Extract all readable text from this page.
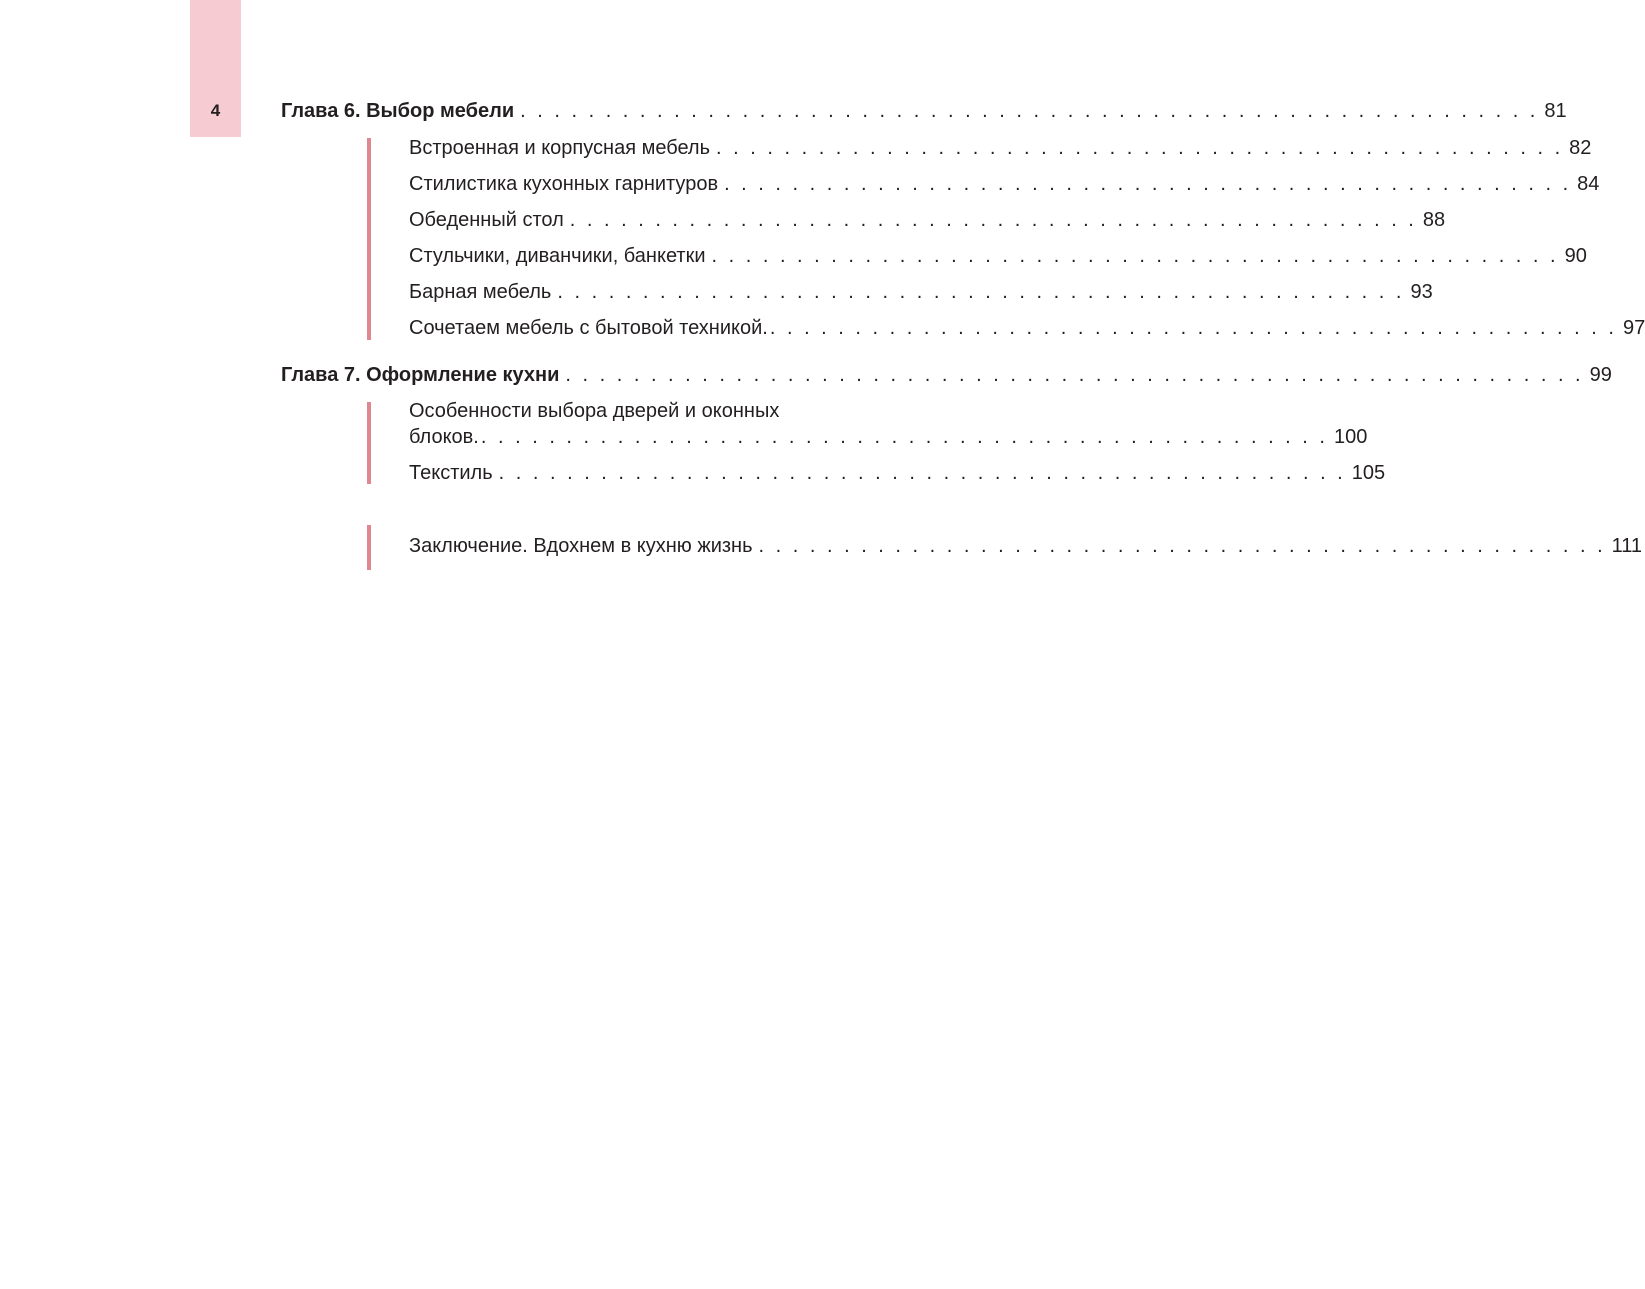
4	Глава 6. Выбор мебели . . . . . . . . . . . . . . . . . . . . . . . . . . . . . . . . . . . . . . . . . . . . . . . . . . . . . . . . . . . . 81
Встроенная и корпусная мебель . . . . . . . . . . . . . . . . . . . . . . . . . . . . . . . . . . . . . . . . . . . . . . . . . . 82
Стилистика кухонных гарнитуров . . . . . . . . . . . . . . . . . . . . . . . . . . . . . . . . . . . . . . . . . . . . . . . . . . 84
Обеденный стол . . . . . . . . . . . . . . . . . . . . . . . . . . . . . . . . . . . . . . . . . . . . . . . . . . 88
Стульчики, диванчики, банкетки . . . . . . . . . . . . . . . . . . . . . . . . . . . . . . . . . . . . . . . . . . . . . . . . . . 90
Барная мебель . . . . . . . . . . . . . . . . . . . . . . . . . . . . . . . . . . . . . . . . . . . . . . . . . . 93
Сочетаем мебель с бытовой техникой. . . . . . . . . . . . . . . . . . . . . . . . . . . . . . . . . . . . . . . . . . . . . . . . . . . 97
Глава 7. Оформление кухни . . . . . . . . . . . . . . . . . . . . . . . . . . . . . . . . . . . . . . . . . . . . . . . . . . . . . . . . . . . . 99
Особенности выбора дверей и оконных
блоков. . . . . . . . . . . . . . . . . . . . . . . . . . . . . . . . . . . . . . . . . . . . . . . . . . . 100
Текстиль . . . . . . . . . . . . . . . . . . . . . . . . . . . . . . . . . . . . . . . . . . . . . . . . . . 105
Заключение. Вдохнем в кухню жизнь . . . . . . . . . . . . . . . . . . . . . . . . . . . . . . . . . . . . . . . . . . . . . . . . . . 111
